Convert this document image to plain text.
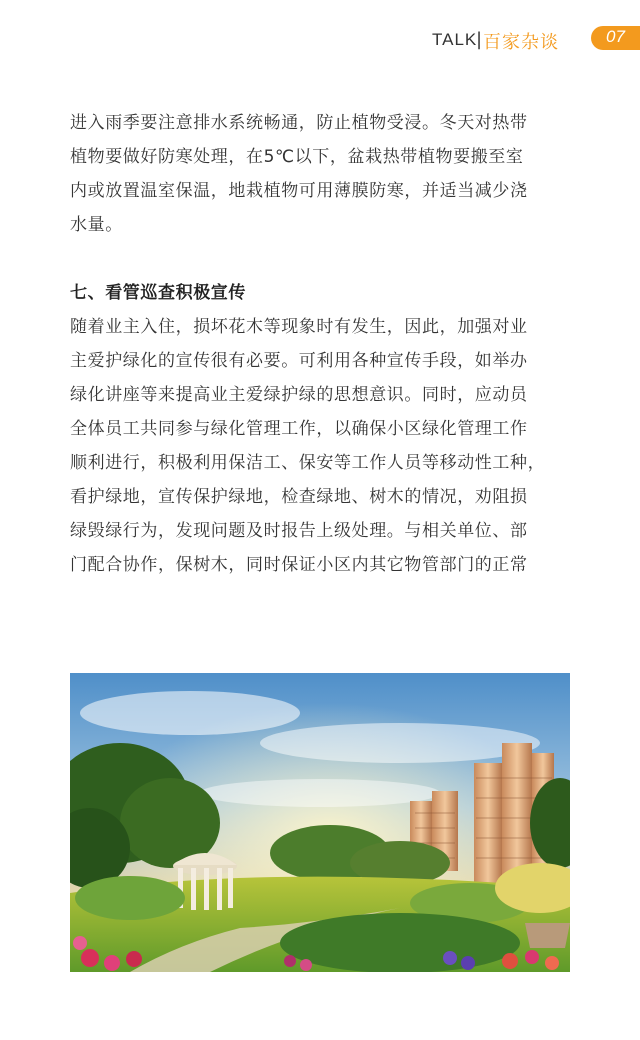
TALK
| 百家杂谈	07

进入雨季要注意排水系统畅通，防止植物受浸。冬天对热带
植物要做好防寒处理，在5℃以下，盆栽热带植物要搬至室
内或放置温室保温，地栽植物可用薄膜防寒，并适当减少浇
水量。

七、看管巡查积极宣传

随着业主入住，损坏花木等现象时有发生，因此，加强对业
主爱护绿化的宣传很有必要。可利用各种宣传手段，如举办
绿化讲座等来提高业主爱绿护绿的思想意识。同时，应动员
全体员工共同参与绿化管理工作，以确保小区绿化管理工作
顺利进行，积极利用保洁工、保安等工作人员等移动性工种，
看护绿地，宣传保护绿地，检查绿地、树木的情况，劝阻损
绿毁绿行为，发现问题及时报告上级处理。与相关单位、部
门配合协作，保树木，同时保证小区内其它物管部门的正常
